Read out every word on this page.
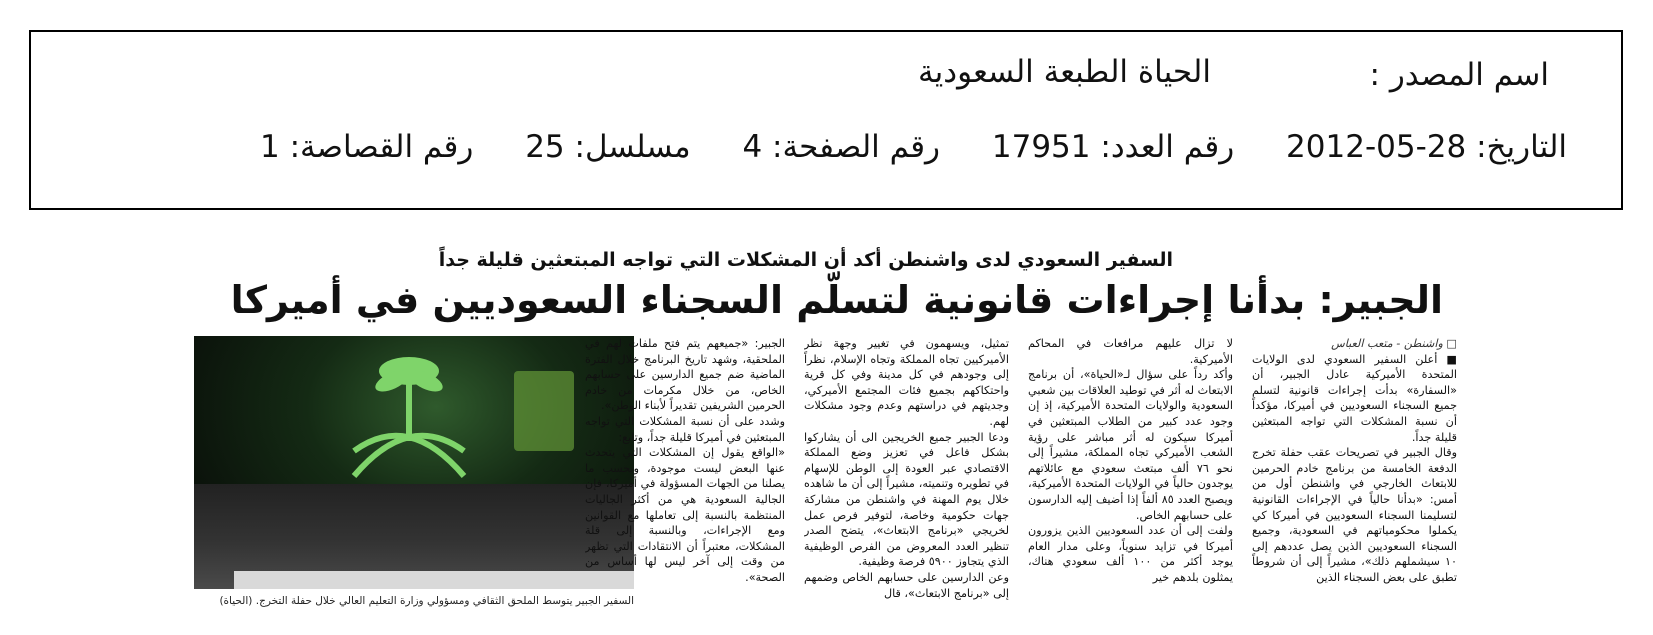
اسم المصدر :
الحياة الطبعة السعودية
التاريخ: 28-05-2012 رقم العدد: 17951 رقم الصفحة: 4 مسلسل: 25 رقم القصاصة: 1
السفير السعودي لدى واشنطن أكد أن المشكلات التي تواجه المبتعثين قليلة جداً
الجبير: بدأنا إجراءات قانونية لتسلّم السجناء السعوديين في أميركا
السفير الجبير يتوسط الملحق الثقافي ومسؤولي وزارة التعليم العالي خلال حفلة التخرج. (الحياة)

□ واشنطن - متعب العباس

■ أعلن السفير السعودي لدى الولايات المتحدة الأميركية عادل الجبير، أن «السفارة» بدأت إجراءات قانونية لتسلم جميع السجناء السعوديين في أميركا، مؤكداً أن نسبة المشكلات التي تواجه المبتعثين قليلة جداً.

وقال الجبير في تصريحات عقب حفلة تخرج الدفعة الخامسة من برنامج خادم الحرمين للابتعاث الخارجي في واشنطن أول من أمس: «بدأنا حالياً في الإجراءات القانونية لتسليمنا السجناء السعوديين في أميركا كي يكملوا محكومياتهم في السعودية، وجميع السجناء السعوديين الذين يصل عددهم إلى ١٠ سيشملهم ذلك»، مشيراً إلى أن شروطاً تطبق على بعض السجناء الذين

لا تزال عليهم مرافعات في المحاكم الأميركية.

وأكد رداً على سؤال لـ«الحياة»، أن برنامج الابتعاث له أثر في توطيد العلاقات بين شعبي السعودية والولايات المتحدة الأميركية، إذ إن وجود عدد كبير من الطلاب المبتعثين في أميركا سيكون له أثر مباشر على رؤية الشعب الأميركي تجاه المملكة، مشيراً إلى نحو ٧٦ ألف مبتعث سعودي مع عائلاتهم يوجدون حالياً في الولايات المتحدة الأميركية، ويصبح العدد ٨٥ ألفاً إذا أضيف إليه الدارسون على حسابهم الخاص.

ولفت إلى أن عدد السعوديين الذين يزورون أميركا في تزايد سنوياً، وعلى مدار العام يوجد أكثر من ١٠٠ ألف سعودي هناك، يمثلون بلدهم خير

تمثيل، ويسهمون في تغيير وجهة نظر الأميركيين تجاه المملكة وتجاه الإسلام، نظراً إلى وجودهم في كل مدينة وفي كل قرية واحتكاكهم بجميع فئات المجتمع الأميركي، وجديتهم في دراستهم وعدم وجود مشكلات لهم.

ودعا الجبير جميع الخريجين الى أن يشاركوا بشكل فاعل في تعزيز وضع المملكة الاقتصادي عبر العودة إلى الوطن للإسهام في تطويره وتنميته، مشيراً إلى أن ما شاهده خلال يوم المهنة في واشنطن من مشاركة جهات حكومية وخاصة، لتوفير فرص عمل لخريجي «برنامج الابتعاث»، يتضح الصدر تنظير العدد المعروض من الفرص الوظيفية الذي يتجاوز ٥٩٠٠ فرصة وظيفية.

وعن الدارسين على حسابهم الخاص وضمهم إلى «برنامج الابتعاث»، قال

الجبير: «جميعهم يتم فتح ملفات لهم في الملحقية، وشهد تاريخ البرنامج خلال الفترة الماضية ضم جميع الدارسين على حسابهم الخاص، من خلال مكرمات من خادم الحرمين الشريفين تقديراً لأبناء الوطن».

وشدد على أن نسبة المشكلات التي تواجه المبتعثين في أميركا قليلة جداً، وتابع:

«الواقع يقول إن المشكلات التي يتحدث عنها البعض ليست موجودة، وبحسب ما يصلنا من الجهات المسؤولة في أميركا، فإن الجالية السعودية هي من أكثر الجاليات المنتظمة بالنسبة إلى تعاملها مع القوانين ومع الإجراءات، وبالنسبة إلى قلة المشكلات، معتبراً أن الانتقادات التي تظهر من وقت إلى آخر ليس لها أساس من الصحة».
